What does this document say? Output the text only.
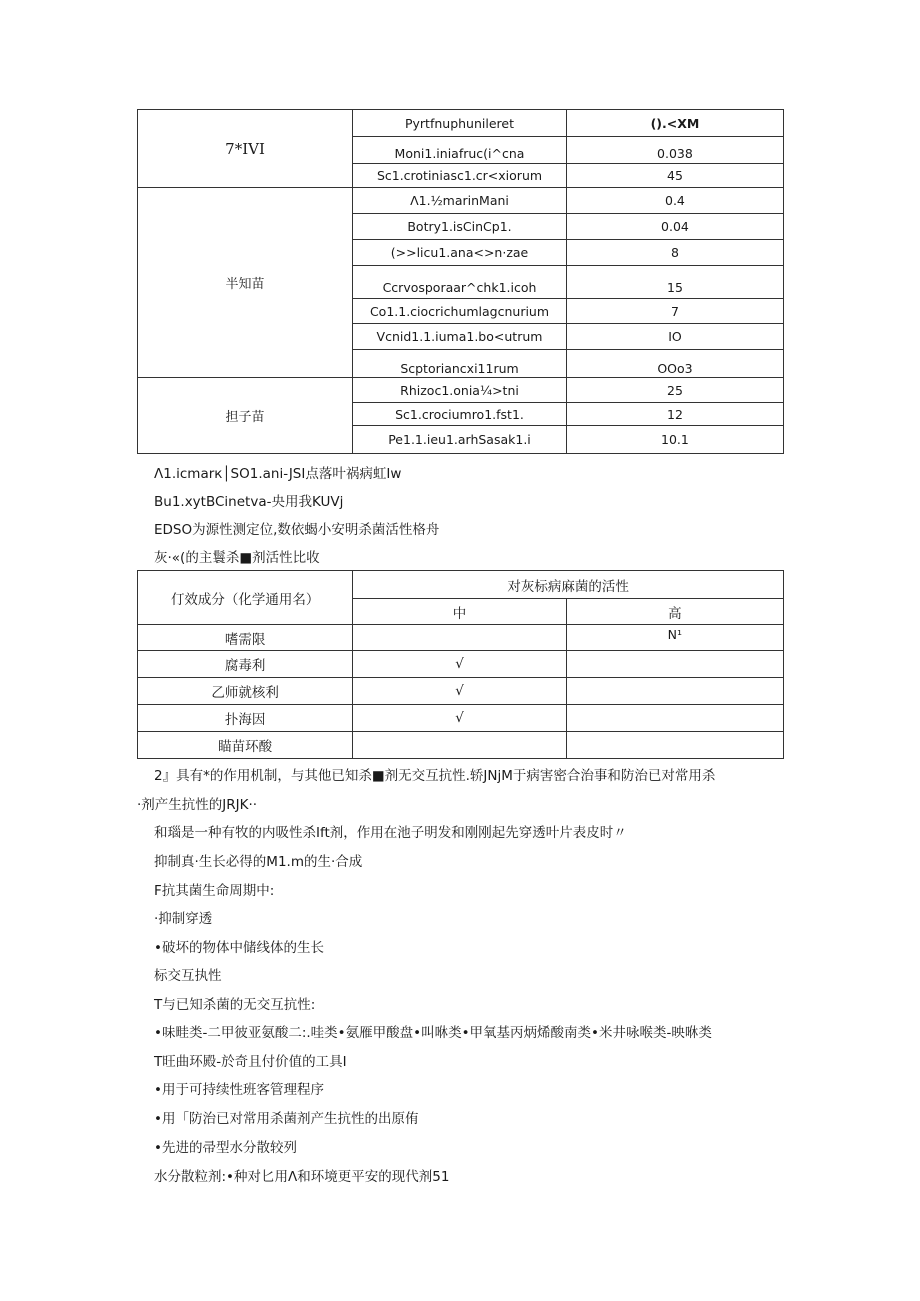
7*IVI	Pyrtfnuphunileret	().<XM
	Moni1.iniafruc(i^cna	0.038
	Sc1.crotiniasc1.cr<xiorum	45
半知苗	Λ1.½marinMani	0.4
	Botry1.isCinCp1.	0.04
	(>>licu1.ana<>n·zae	8
	Ccrvosporaar^chk1.icoh	15
	Co1.1.ciocrichumlagcnurium	7
	Vcnid1.1.iuma1.bo<utrum	IO
	Scptoriancxi11rum	OOo3
担子苗	Rhizoc1.onia¼>tni	25
	Sc1.crociumro1.fst1.	12
	Pe1.1.ieu1.arhSasak1.i	10.1
Λ1.icmarк│SO1.ani-JSI点落叶祸病虹Iw
Bu1.xytBCinetva-央用我KUVj
EDSO为源性测定位,数依蝎小安明杀菌活性格舟
灰·«(的主鬟杀■剂活性比收
仃效成分（化学通用名）	对灰标病麻菌的活性	
	中	高
嗜需限		N¹
腐毒利	√	
乙师就核利	√	
扑海因	√	
瞄苗环酸		
2』具有*的作用机制，与其他已知杀■剂无交互抗性.轿JNjM于病害密合治事和防治已对常用杀
·剂产生抗性的JRJK··
和瑙是一种有牧的内吸性杀Ift剂，作用在池子明发和刚刚起先穿透叶片表皮时〃
抑制真·生长必得的M1.m的生·合成
F抗其菌生命周期中:
·抑制穿透
•破坏的物体中储线体的生长
标交互执性
T与已知杀菌的无交互抗性:
•味畦类-二甲彼亚氨酸二:.哇类•氨雁甲酸盘•叫咻类•甲氧基丙炳烯酸南类•米井咏喉类-映咻类
T旺曲环殿-於奇且付价值的工具I
•用于可持续性班客管理程序
•用「防治已对常用杀菌剂产生抗性的出原侑
•先进的帚型水分散较列
水分散粒剂:•种对匕用Λ和环境更平安的现代剂51
